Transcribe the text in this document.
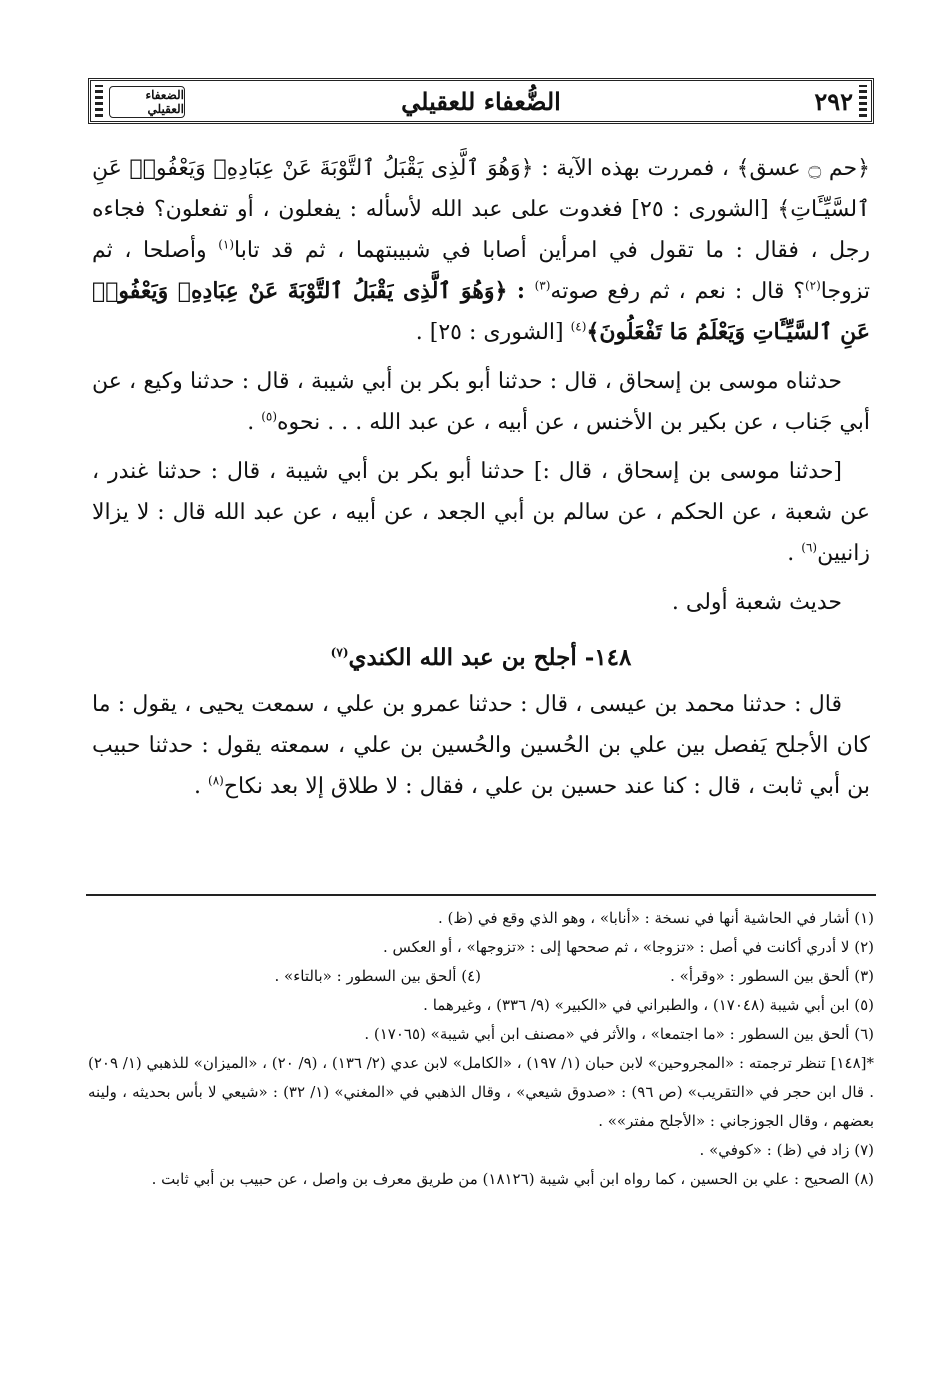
٢٩٢
الضُّعفاء للعقيلي
الضعفاء العقيلي

﴿حم ۝ عسق﴾ ، فمررت بهذه الآية : ﴿وَهُوَ ٱلَّذِى يَقْبَلُ ٱلتَّوْبَةَ عَنْ عِبَادِهِۦ وَيَعْفُوا۟ عَنِ ٱلسَّيِّـَٔاتِ﴾ [الشورى : ٢٥] فغدوت على عبد الله لأسأله : يفعلون ، أو تفعلون؟ فجاءه رجل ، فقال : ما تقول في امرأين أصابا في شبيبتهما ، ثم قد تابا$^{(١)}$ وأصلحا ، ثم تزوجا$^{(٢)}$؟ قال : نعم ، ثم رفع صوته$^{(٣)}$ : ﴿وَهُوَ ٱلَّذِى يَقْبَلُ ٱلتَّوْبَةَ عَنْ عِبَادِهِۦ وَيَعْفُوا۟ عَنِ ٱلسَّيِّـَٔاتِ وَيَعْلَمُ مَا تَفْعَلُونَ﴾$^{(٤)}$ [الشورى : ٢٥] .

حدثناه موسى بن إسحاق ، قال : حدثنا أبو بكر بن أبي شيبة ، قال : حدثنا وكيع ، عن أبي جَناب ، عن بكير بن الأخنس ، عن أبيه ، عن عبد الله . . . نحوه$^{(٥)}$ .

[حدثنا موسى بن إسحاق ، قال :] حدثنا أبو بكر بن أبي شيبة ، قال : حدثنا غندر ، عن شعبة ، عن الحكم ، عن سالم بن أبي الجعد ، عن أبيه ، عن عبد الله قال : لا يزالا زانيين$^{(٦)}$ .

حديث شعبة أولى .

١٤٨- أجلح بن عبد الله الكندي$^{(٧)}$

قال : حدثنا محمد بن عيسى ، قال : حدثنا عمرو بن علي ، سمعت يحيى ، يقول : ما كان الأجلح يَفصل بين علي بن الحُسين والحُسين بن علي ، سمعته يقول : حدثنا حبيب بن أبي ثابت ، قال : كنا عند حسين بن علي ، فقال : لا طلاق إلا بعد نكاح$^{(٨)}$ .

(١) أشار في الحاشية أنها في نسخة : «أنابا» ، وهو الذي وقع في (ظ) .

(٢) لا أدري أكانت في أصل : «تزوجا» ، ثم صححها إلى : «تزوجها» ، أو العكس .

(٣) ألحق بين السطور : «وقرأ» .
(٤) ألحق بين السطور : «بالتاء» .

(٥) ابن أبي شيبة (١٧٠٤٨) ، والطبراني في «الكبير» (٩/ ٣٣٦) ، وغيرهما .

(٦) ألحق بين السطور : «ما اجتمعا» ، والأثر في «مصنف ابن أبي شيبة» (١٧٠٦٥) .

*[١٤٨] تنظر ترجمته : «المجروحين» لابن حبان (١/ ١٩٧) ، «الكامل» لابن عدي (٢/ ١٣٦) ، (٩/ ٢٠) ، «الميزان» للذهبي (١/ ٢٠٩) . قال ابن حجر في «التقريب» (ص ٩٦) : «صدوق شيعي» ، وقال الذهبي في «المغني» (١/ ٣٢) : «شيعي لا بأس بحديثه ، ولينه بعضهم ، وقال الجوزجاني : «الأجلح مفتر»» .

(٧) زاد في (ظ) : «كوفي» .

(٨) الصحيح : علي بن الحسين ، كما رواه ابن أبي شيبة (١٨١٢٦) من طريق معرف بن واصل ، عن حبيب بن أبي ثابت .
